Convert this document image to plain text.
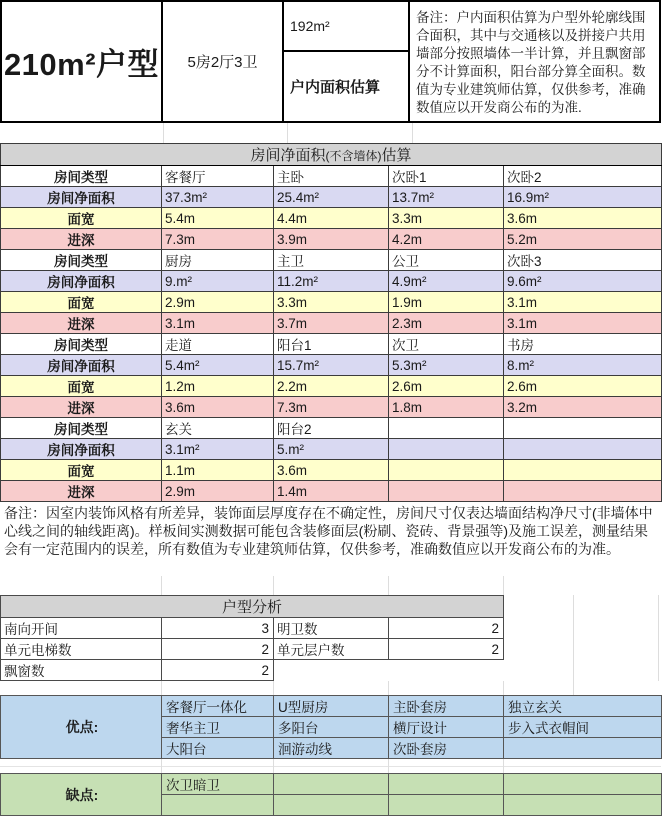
210m²户型	5房2厅3卫
192m²
户内面积估算
备注：户内面积估算为户型外轮廓线围合面积，其中与交通核以及拼接户共用墙部分按照墙体一半计算，并且飘窗部分不计算面积，阳台部分算全面积。数值为专业建筑师估算，仅供参考，准确数值应以开发商公布的为准.
房间净面积(不含墙体)估算				
房间类型	客餐厅	主卧	次卧1	次卧2
房间净面积	37.3m²	25.4m²	13.7m²	16.9m²
面宽	5.4m	4.4m	3.3m	3.6m
进深	7.3m	3.9m	4.2m	5.2m
房间类型	厨房	主卫	公卫	次卧3
房间净面积	9.m²	11.2m²	4.9m²	9.6m²
面宽	2.9m	3.3m	1.9m	3.1m
进深	3.1m	3.7m	2.3m	3.1m
房间类型	走道	阳台1	次卫	书房
房间净面积	5.4m²	15.7m²	5.3m²	8.m²
面宽	1.2m	2.2m	2.6m	2.6m
进深	3.6m	7.3m	1.8m	3.2m
房间类型	玄关	阳台2		
房间净面积	3.1m²	5.m²		
面宽	1.1m	3.6m		
进深	2.9m	1.4m		
备注：因室内装饰风格有所差异，装饰面层厚度存在不确定性，房间尺寸仅表达墙面结构净尺寸(非墙体中心线之间的轴线距离)。样板间实测数据可能包含装修面层(粉刷、瓷砖、背景强等)及施工误差，测量结果会有一定范围内的误差，所有数值为专业建筑师估算，仅供参考，准确数值应以开发商公布的为准。
户型分析			
南向开间	3	明卫数	2
单元电梯数	2	单元层户数	2
飘窗数	2		
优点:	客餐厅一体化	U型厨房	主卧套房	独立玄关
	奢华主卫	多阳台	横厅设计	步入式衣帽间
	大阳台	洄游动线	次卧套房	
缺点:	次卫暗卫			
